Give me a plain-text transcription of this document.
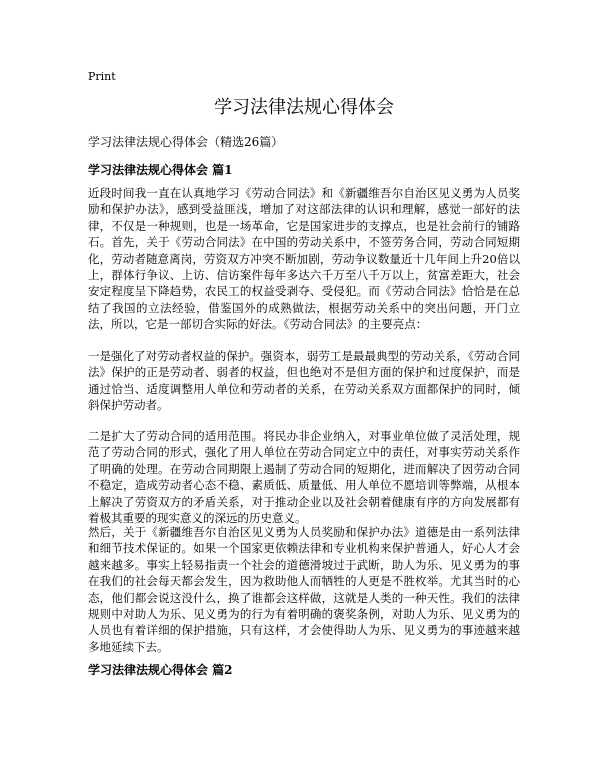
Print
学习法律法规心得体会
学习法律法规心得体会（精选26篇）
学习法律法规心得体会 篇1

近段时间我一直在认真地学习《劳动合同法》和《新疆维吾尔自治区见义勇为人员奖励和保护办法》，感到受益匪浅，增加了对这部法律的认识和理解，感觉一部好的法律，不仅是一种规则，也是一场革命，它是国家进步的支撑点，也是社会前行的铺路石。首先，关于《劳动合同法》在中国的劳动关系中，不签劳务合同，劳动合同短期化，劳动者随意离岗，劳资双方冲突不断加剧，劳动争议数量近十几年间上升20倍以上，群体行争议、上访、信访案件每年多达六千万至八千万以上，贫富差距大，社会安定程度呈下降趋势，农民工的权益受剥夺、受侵犯。而《劳动合同法》恰恰是在总结了我国的立法经验，借鉴国外的成熟做法，根据劳动关系中的突出问题，开门立法，所以，它是一部切合实际的好法。《劳动合同法》的主要亮点：

一是强化了对劳动者权益的保护。强资本，弱劳工是最最典型的劳动关系，《劳动合同法》保护的正是劳动者、弱者的权益，但也绝对不是但方面的保护和过度保护，而是通过恰当、适度调整用人单位和劳动者的关系，在劳动关系双方面都保护的同时，倾斜保护劳动者。

二是扩大了劳动合同的适用范围。将民办非企业纳入，对事业单位做了灵活处理，规范了劳动合同的形式，强化了用人单位在劳动合同定立中的责任，对事实劳动关系作了明确的处理。在劳动合同期限上遏制了劳动合同的短期化，进而解决了因劳动合同不稳定，造成劳动者心态不稳、素质低、质量低、用人单位不愿培训等弊端，从根本上解决了劳资双方的矛盾关系，对于推动企业以及社会朝着健康有序的方向发展都有着极其重要的现实意义的深远的历史意义。

然后，关于《新疆维吾尔自治区见义勇为人员奖励和保护办法》道德是由一系列法律和细节技术保证的。如果一个国家更依赖法律和专业机构来保护普通人，好心人才会越来越多。事实上轻易指责一个社会的道德滑坡过于武断，助人为乐、见义勇为的事在我们的社会每天都会发生，因为救助他人而牺牲的人更是不胜枚举。尤其当时的心态，他们都会说这没什么，换了谁都会这样做，这就是人类的一种天性。我们的法律规则中对助人为乐、见义勇为的行为有着明确的褒奖条例，对助人为乐、见义勇为的人员也有着详细的保护措施，只有这样，才会使得助人为乐、见义勇为的事迹越来越多地延续下去。

学习法律法规心得体会 篇2
